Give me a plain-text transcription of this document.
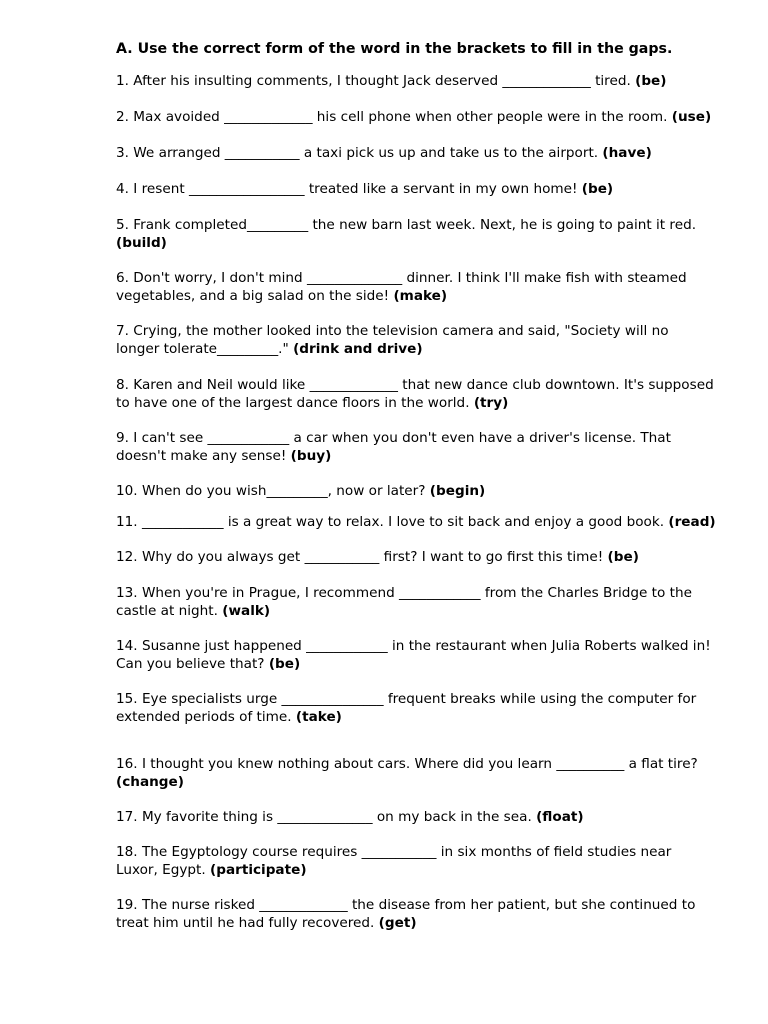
A. Use the correct form of the word in the brackets to fill in the gaps.

1. After his insulting comments, I thought Jack deserved _____________ tired. (be)

2. Max avoided _____________ his cell phone when other people were in the room. (use)

3. We arranged ___________ a taxi pick us up and take us to the airport. (have)

4. I resent _________________ treated like a servant in my own home! (be)

5. Frank completed_________ the new barn last week. Next, he is going to paint it red. (build)

6. Don't worry, I don't mind ______________ dinner. I think I'll make fish with steamed vegetables, and a big salad on the side! (make)

7. Crying, the mother looked into the television camera and said, "Society will no longer tolerate_________." (drink and drive)

8. Karen and Neil would like _____________ that new dance club downtown. It's supposed to have one of the largest dance floors in the world. (try)

9. I can't see ____________ a car when you don't even have a driver's license. That doesn't make any sense! (buy)

10. When do you wish_________, now or later? (begin)

11. ____________ is a great way to relax. I love to sit back and enjoy a good book. (read)

12. Why do you always get ___________ first? I want to go first this time! (be)

13. When you're in Prague, I recommend ____________ from the Charles Bridge to the castle at night. (walk)

14. Susanne just happened ____________ in the restaurant when Julia Roberts walked in! Can you believe that? (be)

15. Eye specialists urge _______________ frequent breaks while using the computer for extended periods of time. (take)

16. I thought you knew nothing about cars. Where did you learn __________ a flat tire? (change)

17. My favorite thing is ______________ on my back in the sea. (float)

18. The Egyptology course requires ___________ in six months of field studies near Luxor, Egypt. (participate)

19. The nurse risked _____________ the disease from her patient, but she continued to treat him until he had fully recovered. (get)
